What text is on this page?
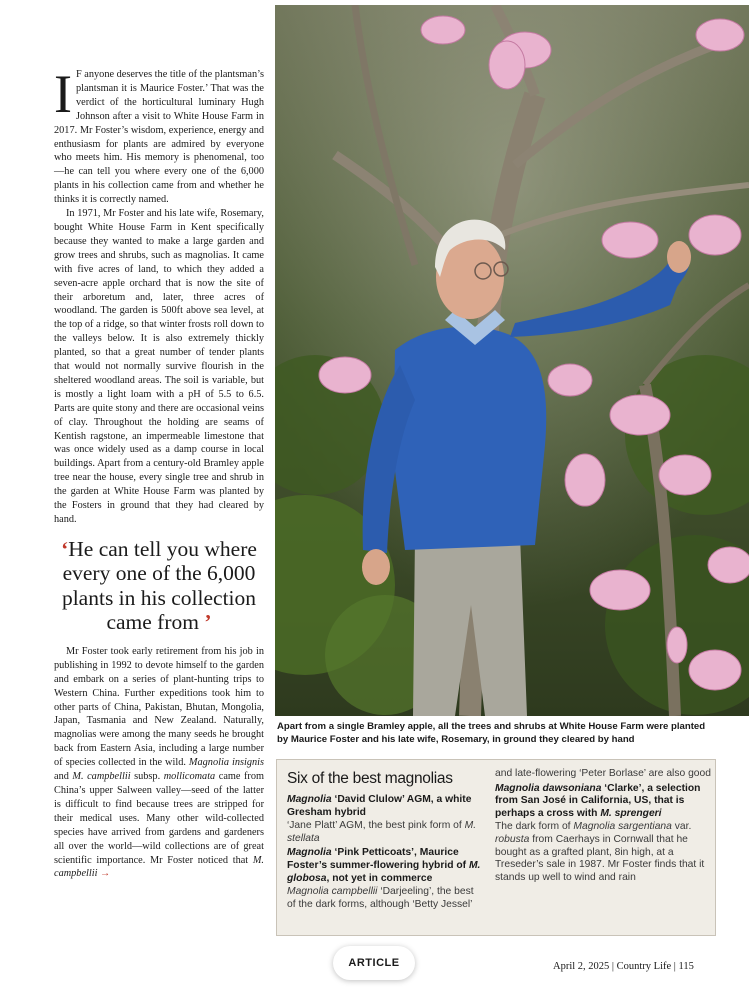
I F anyone deserves the title of the plantsman’s plantsman it is Maurice Foster.’ That was the verdict of the horticultural luminary Hugh Johnson after a visit to White House Farm in 2017. Mr Foster’s wisdom, experience, energy and enthusiasm for plants are admired by everyone who meets him. His memory is phenomenal, too—he can tell you where every one of the 6,000 plants in his collection came from and whether he thinks it is correctly named.

In 1971, Mr Foster and his late wife, Rosemary, bought White House Farm in Kent specifically because they wanted to make a large garden and grow trees and shrubs, such as magnolias. It came with five acres of land, to which they added a seven-acre apple orchard that is now the site of their arboretum and, later, three acres of woodland. The garden is 500ft above sea level, at the top of a ridge, so that winter frosts roll down to the valleys below. It is also extremely thickly planted, so that a great number of tender plants that would not normally survive flourish in the sheltered woodland areas. The soil is variable, but is mostly a light loam with a pH of 5.5 to 6.5. Parts are quite stony and there are occasional veins of clay. Throughout the holding are seams of Kentish ragstone, an impermeable limestone that was once widely used as a damp course in local buildings. Apart from a century-old Bramley apple tree near the house, every single tree and shrub in the garden at White House Farm was planted by the Fosters in ground that they had cleared by hand.

‘He can tell you where every one of the 6,000 plants in his collection came from ’

Mr Foster took early retirement from his job in publishing in 1992 to devote himself to the garden and embark on a series of plant-hunting trips to Western China. Further expeditions took him to other parts of China, Pakistan, Bhutan, Mongolia, Japan, Tasmania and New Zealand. Naturally, magnolias were among the many seeds he brought back from Eastern Asia, including a large number of species collected in the wild. Magnolia insignis and M. campbellii subsp. mollicomata came from China’s upper Salween valley—seed of the latter is difficult to find because trees are stripped for their medical uses. Many other wild-collected species have arrived from gardens and gardeners all over the world—wild collections are of great scientific importance. Mr Foster noticed that M. campbellii →

Apart from a single Bramley apple, all the trees and shrubs at White House Farm were planted by Maurice Foster and his late wife, Rosemary, in ground they cleared by hand

Six of the best magnolias

Magnolia ‘David Clulow’ AGM, a white Gresham hybrid

‘Jane Platt’ AGM, the best pink form of M. stellata

Magnolia ‘Pink Petticoats’, Maurice Foster’s summer-flowering hybrid of M. globosa, not yet in commerce

Magnolia campbellii ‘Darjeeling’, the best of the dark forms, although ‘Betty Jessel’

and late-flowering ‘Peter Borlase’ are also good

Magnolia dawsoniana ‘Clarke’, a selection from San José in California, US, that is perhaps a cross with M. sprengeri

The dark form of Magnolia sargentiana var. robusta from Caerhays in Cornwall that he bought as a grafted plant, 8in high, at a Treseder’s sale in 1987. Mr Foster finds that it stands up well to wind and rain

ARTICLE	April 2, 2025 | Country Life | 115
